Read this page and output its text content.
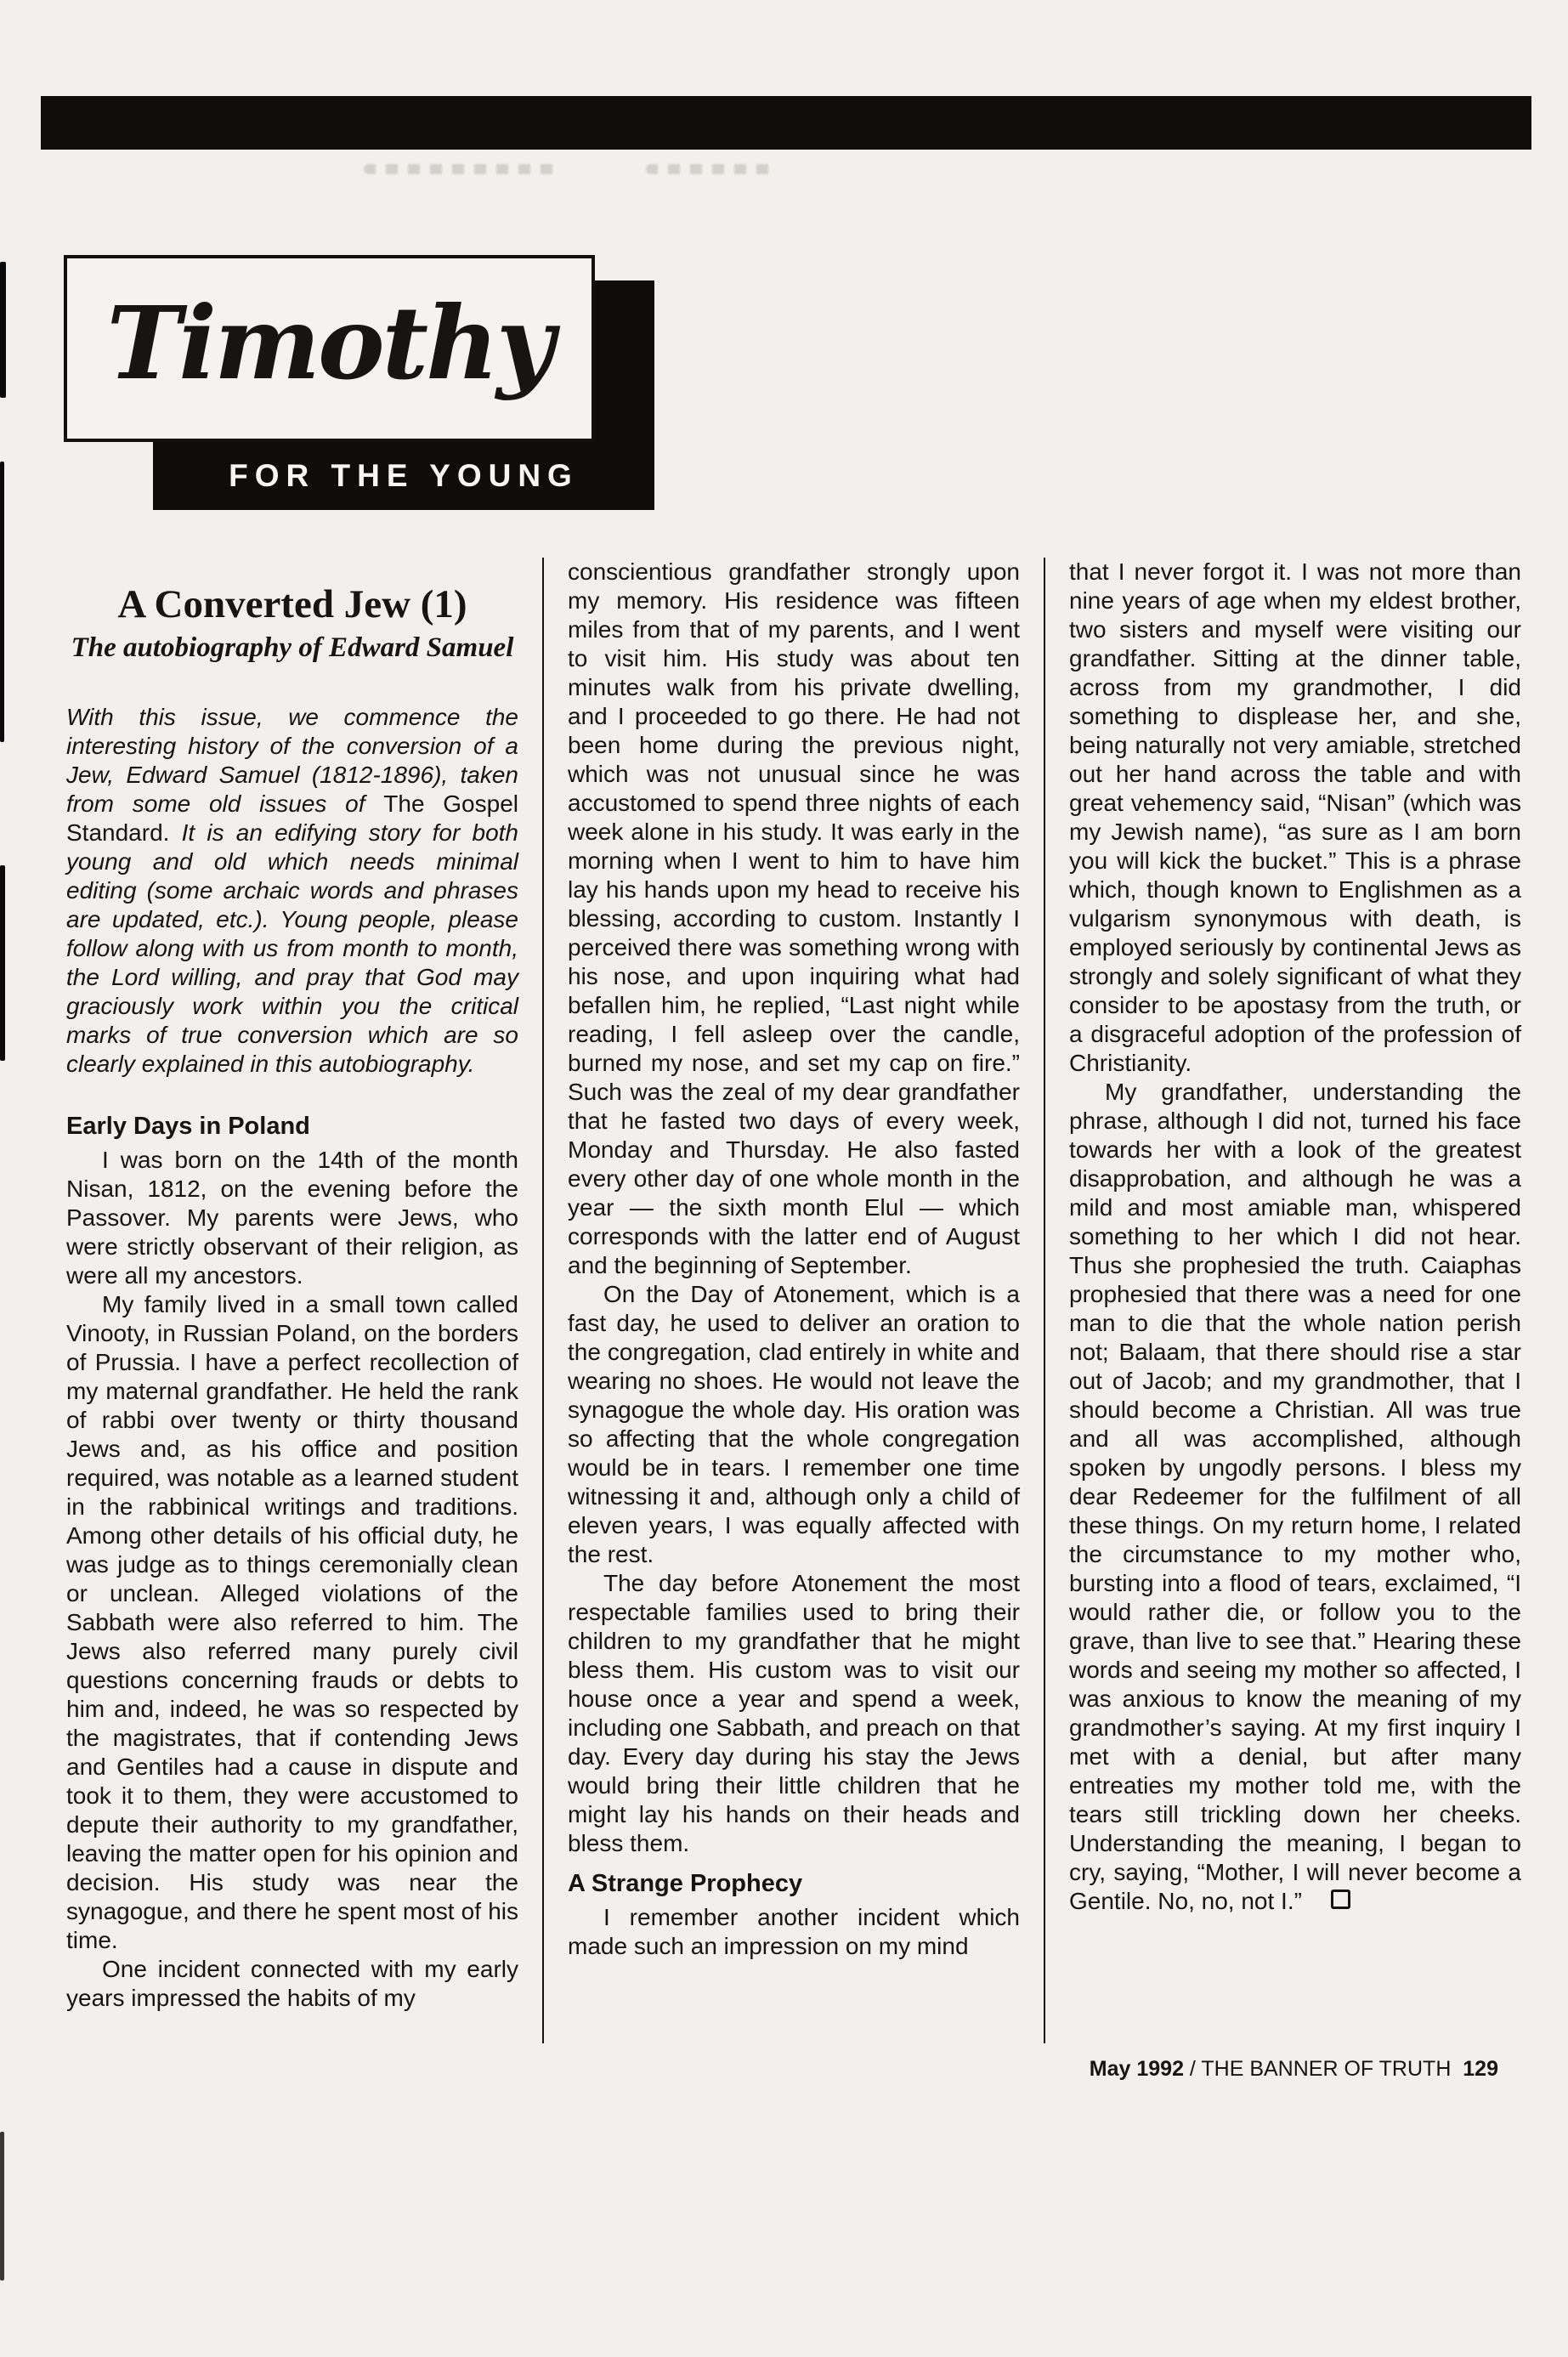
FOR THE YOUNG
Timothy
A Converted Jew (1)
The autobiography of Edward Samuel

With this issue, we commence the interesting history of the conversion of a Jew, Edward Samuel (1812-1896), taken from some old issues of The Gospel Standard. It is an edifying story for both young and old which needs minimal editing (some archaic words and phrases are updated, etc.). Young people, please follow along with us from month to month, the Lord willing, and pray that God may graciously work within you the critical marks of true conversion which are so clearly explained in this autobiography.

Early Days in Poland

I was born on the 14th of the month Nisan, 1812, on the evening before the Passover. My parents were Jews, who were strictly observant of their religion, as were all my ancestors.

My family lived in a small town called Vinooty, in Russian Poland, on the borders of Prussia. I have a perfect recollection of my maternal grandfather. He held the rank of rabbi over twenty or thirty thousand Jews and, as his office and position required, was notable as a learned student in the rabbinical writings and traditions. Among other details of his official duty, he was judge as to things ceremonially clean or unclean. Alleged violations of the Sabbath were also referred to him. The Jews also referred many purely civil questions concerning frauds or debts to him and, indeed, he was so respected by the magistrates, that if contending Jews and Gentiles had a cause in dispute and took it to them, they were accustomed to depute their authority to my grandfather, leaving the matter open for his opinion and decision. His study was near the synagogue, and there he spent most of his time.

One incident connected with my early years impressed the habits of my

conscientious grandfather strongly upon my memory. His residence was fifteen miles from that of my parents, and I went to visit him. His study was about ten minutes walk from his private dwelling, and I proceeded to go there. He had not been home during the previous night, which was not unusual since he was accustomed to spend three nights of each week alone in his study. It was early in the morning when I went to him to have him lay his hands upon my head to receive his blessing, according to custom. Instantly I perceived there was something wrong with his nose, and upon inquiring what had befallen him, he replied, “Last night while reading, I fell asleep over the candle, burned my nose, and set my cap on fire.” Such was the zeal of my dear grandfather that he fasted two days of every week, Monday and Thursday. He also fasted every other day of one whole month in the year — the sixth month Elul — which corresponds with the latter end of August and the beginning of September.

On the Day of Atonement, which is a fast day, he used to deliver an oration to the congregation, clad entirely in white and wearing no shoes. He would not leave the synagogue the whole day. His oration was so affecting that the whole congregation would be in tears. I remember one time witnessing it and, although only a child of eleven years, I was equally affected with the rest.

The day before Atonement the most respectable families used to bring their children to my grandfather that he might bless them. His custom was to visit our house once a year and spend a week, including one Sabbath, and preach on that day. Every day during his stay the Jews would bring their little children that he might lay his hands on their heads and bless them.

A Strange Prophecy

I remember another incident which made such an impression on my mind

that I never forgot it. I was not more than nine years of age when my eldest brother, two sisters and myself were visiting our grandfather. Sitting at the dinner table, across from my grandmother, I did something to displease her, and she, being naturally not very amiable, stretched out her hand across the table and with great vehemency said, “Nisan” (which was my Jewish name), “as sure as I am born you will kick the bucket.” This is a phrase which, though known to Englishmen as a vulgarism synonymous with death, is employed seriously by continental Jews as strongly and solely significant of what they consider to be apostasy from the truth, or a disgraceful adoption of the profession of Christianity.

My grandfather, understanding the phrase, although I did not, turned his face towards her with a look of the greatest disapprobation, and although he was a mild and most amiable man, whispered something to her which I did not hear. Thus she prophesied the truth. Caiaphas prophesied that there was a need for one man to die that the whole nation perish not; Balaam, that there should rise a star out of Jacob; and my grandmother, that I should become a Christian. All was true and all was accomplished, although spoken by ungodly persons. I bless my dear Redeemer for the fulfilment of all these things. On my return home, I related the circumstance to my mother who, bursting into a flood of tears, exclaimed, “I would rather die, or follow you to the grave, than live to see that.” Hearing these words and seeing my mother so affected, I was anxious to know the meaning of my grandmother’s saying. At my first inquiry I met with a denial, but after many entreaties my mother told me, with the tears still trickling down her cheeks. Understanding the meaning, I began to cry, saying, “Mother, I will never become a Gentile. No, no, not I.”

May 1992 / THE BANNER OF TRUTH 129
